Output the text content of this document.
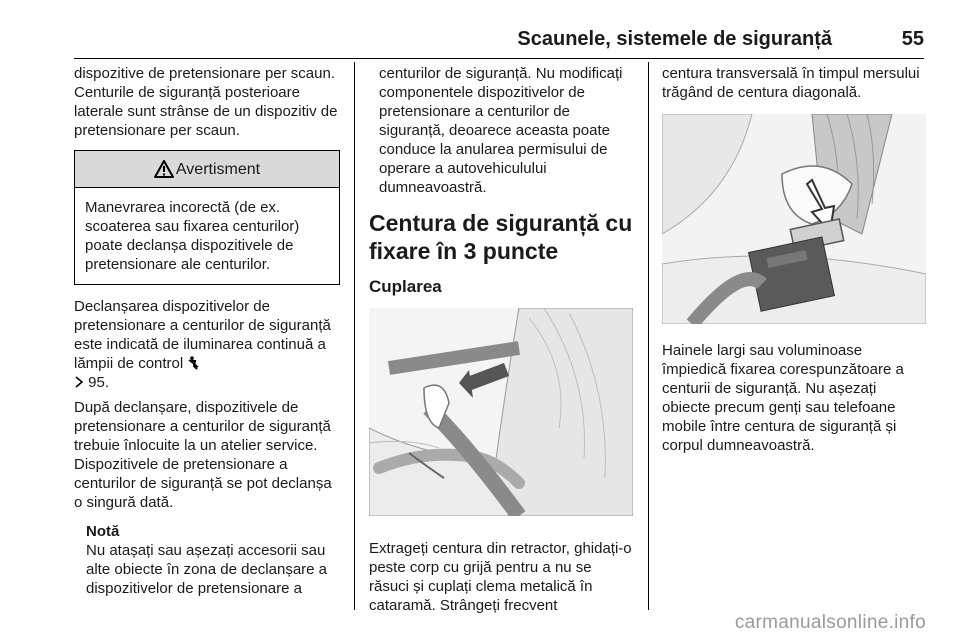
Scaunele, sistemele de siguranță	55

dispozitive de pretensionare per scaun. Centurile de siguranță posterioare laterale sunt strânse de un dispozitiv de pretensionare per scaun.

Avertisment
Manevrarea incorectă (de ex. scoaterea sau fixarea centurilor) poate declanșa dispozitivele de pretensionare ale centurilor.

Declanșarea dispozitivelor de pretensionare a centurilor de siguranță este indicată de iluminarea continuă a lămpii de control
95.

După declanșare, dispozitivele de pretensionare a centurilor de siguranță trebuie înlocuite la un atelier service. Dispozitivele de pretensionare a centurilor de siguranță se pot declanșa o singură dată.

Notă
Nu atașați sau așezați accesorii sau alte obiecte în zona de declanșare a dispozitivelor de pretensionare a

centurilor de siguranță. Nu modificați componentele dispozitivelor de pretensionare a centurilor de siguranță, deoarece aceasta poate conduce la anularea permisului de operare a autovehiculului dumneavoastră.

Centura de siguranță cu fixare în 3 puncte
Cuplarea

Extrageți centura din retractor, ghidați-o peste corp cu grijă pentru a nu se răsuci și cuplați clema metalică în cataramă. Strângeți frecvent

centura transversală în timpul mersului trăgând de centura diagonală.

Hainele largi sau voluminoase împiedică fixarea corespunzătoare a centurii de siguranță. Nu așezați obiecte precum genți sau telefoane mobile între centura de siguranță și corpul dumneavoastră.

carmanualsonline.info
